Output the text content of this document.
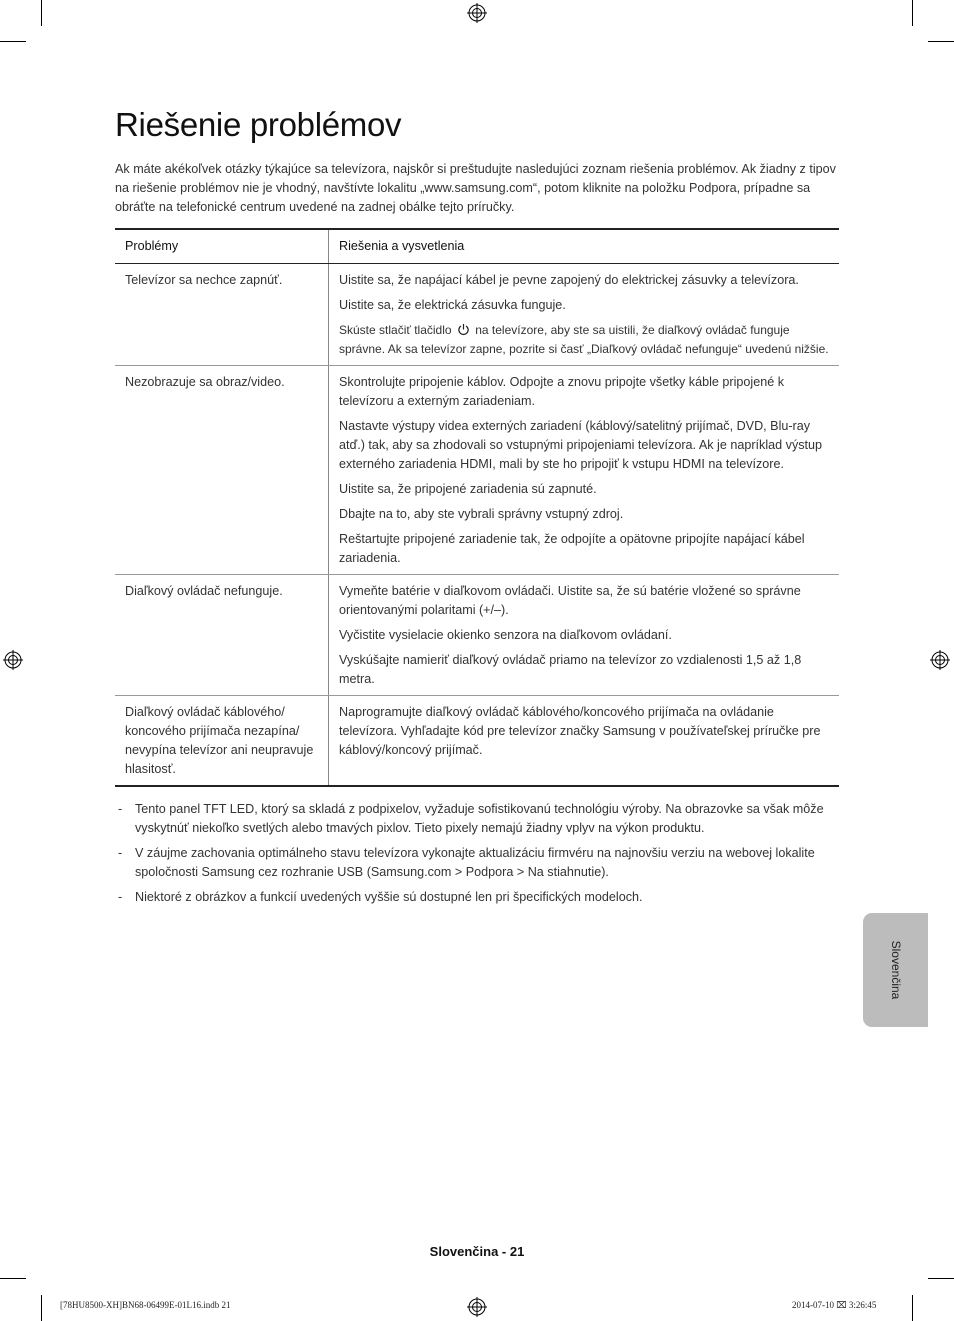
Riešenie problémov

Ak máte akékoľvek otázky týkajúce sa televízora, najskôr si preštudujte nasledujúci zoznam riešenia problémov. Ak žiadny z tipov na riešenie problémov nie je vhodný, navštívte lokalitu „www.samsung.com“, potom kliknite na položku Podpora, prípadne sa obráťte na telefonické centrum uvedené na zadnej obálke tejto príručky.

Problémy	Riešenia a vysvetlenia
Televízor sa nechce zapnúť.	Uistite sa, že napájací kábel je pevne zapojený do elektrickej zásuvky a televízora.

Uistite sa, že elektrická zásuvka funguje.

Skúste stlačiť tlačidlo na televízore, aby ste sa uistili, že diaľkový ovládač funguje správne. Ak sa televízor zapne, pozrite si časť „Diaľkový ovládač nefunguje“ uvedenú nižšie.

Nezobrazuje sa obraz/video.	Skontrolujte pripojenie káblov. Odpojte a znovu pripojte všetky káble pripojené k televízoru a externým zariadeniam.

Nastavte výstupy videa externých zariadení (káblový/satelitný prijímač, DVD, Blu-ray atď.) tak, aby sa zhodovali so vstupnými pripojeniami televízora. Ak je napríklad výstup externého zariadenia HDMI, mali by ste ho pripojiť k vstupu HDMI na televízore.

Uistite sa, že pripojené zariadenia sú zapnuté.

Dbajte na to, aby ste vybrali správny vstupný zdroj.

Reštartujte pripojené zariadenie tak, že odpojíte a opätovne pripojíte napájací kábel zariadenia.

Diaľkový ovládač nefunguje.	Vymeňte batérie v diaľkovom ovládači. Uistite sa, že sú batérie vložené so správne orientovanými polaritami (+/–).

Vyčistite vysielacie okienko senzora na diaľkovom ovládaní.

Vyskúšajte namieriť diaľkový ovládač priamo na televízor zo vzdialenosti 1,5 až 1,8 metra.

Diaľkový ovládač káblového/ koncového prijímača nezapína/ nevypína televízor ani neupravuje hlasitosť.	Naprogramujte diaľkový ovládač káblového/koncového prijímača na ovládanie televízora. Vyhľadajte kód pre televízor značky Samsung v používateľskej príručke pre káblový/koncový prijímač.

- Tento panel TFT LED, ktorý sa skladá z podpixelov, vyžaduje sofistikovanú technológiu výroby. Na obrazovke sa však môže vyskytnúť niekoľko svetlých alebo tmavých pixlov. Tieto pixely nemajú žiadny vplyv na výkon produktu.
- V záujme zachovania optimálneho stavu televízora vykonajte aktualizáciu firmvéru na najnovšiu verziu na webovej lokalite spoločnosti Samsung cez rozhranie USB (Samsung.com > Podpora > Na stiahnutie).
- Niektoré z obrázkov a funkcií uvedených vyššie sú dostupné len pri špecifických modeloch.
Slovenčina
Slovenčina - 21
[78HU8500-XH]BN68-06499E-01L16.indb 21	2014-07-10 ⌧ 3:26:45
